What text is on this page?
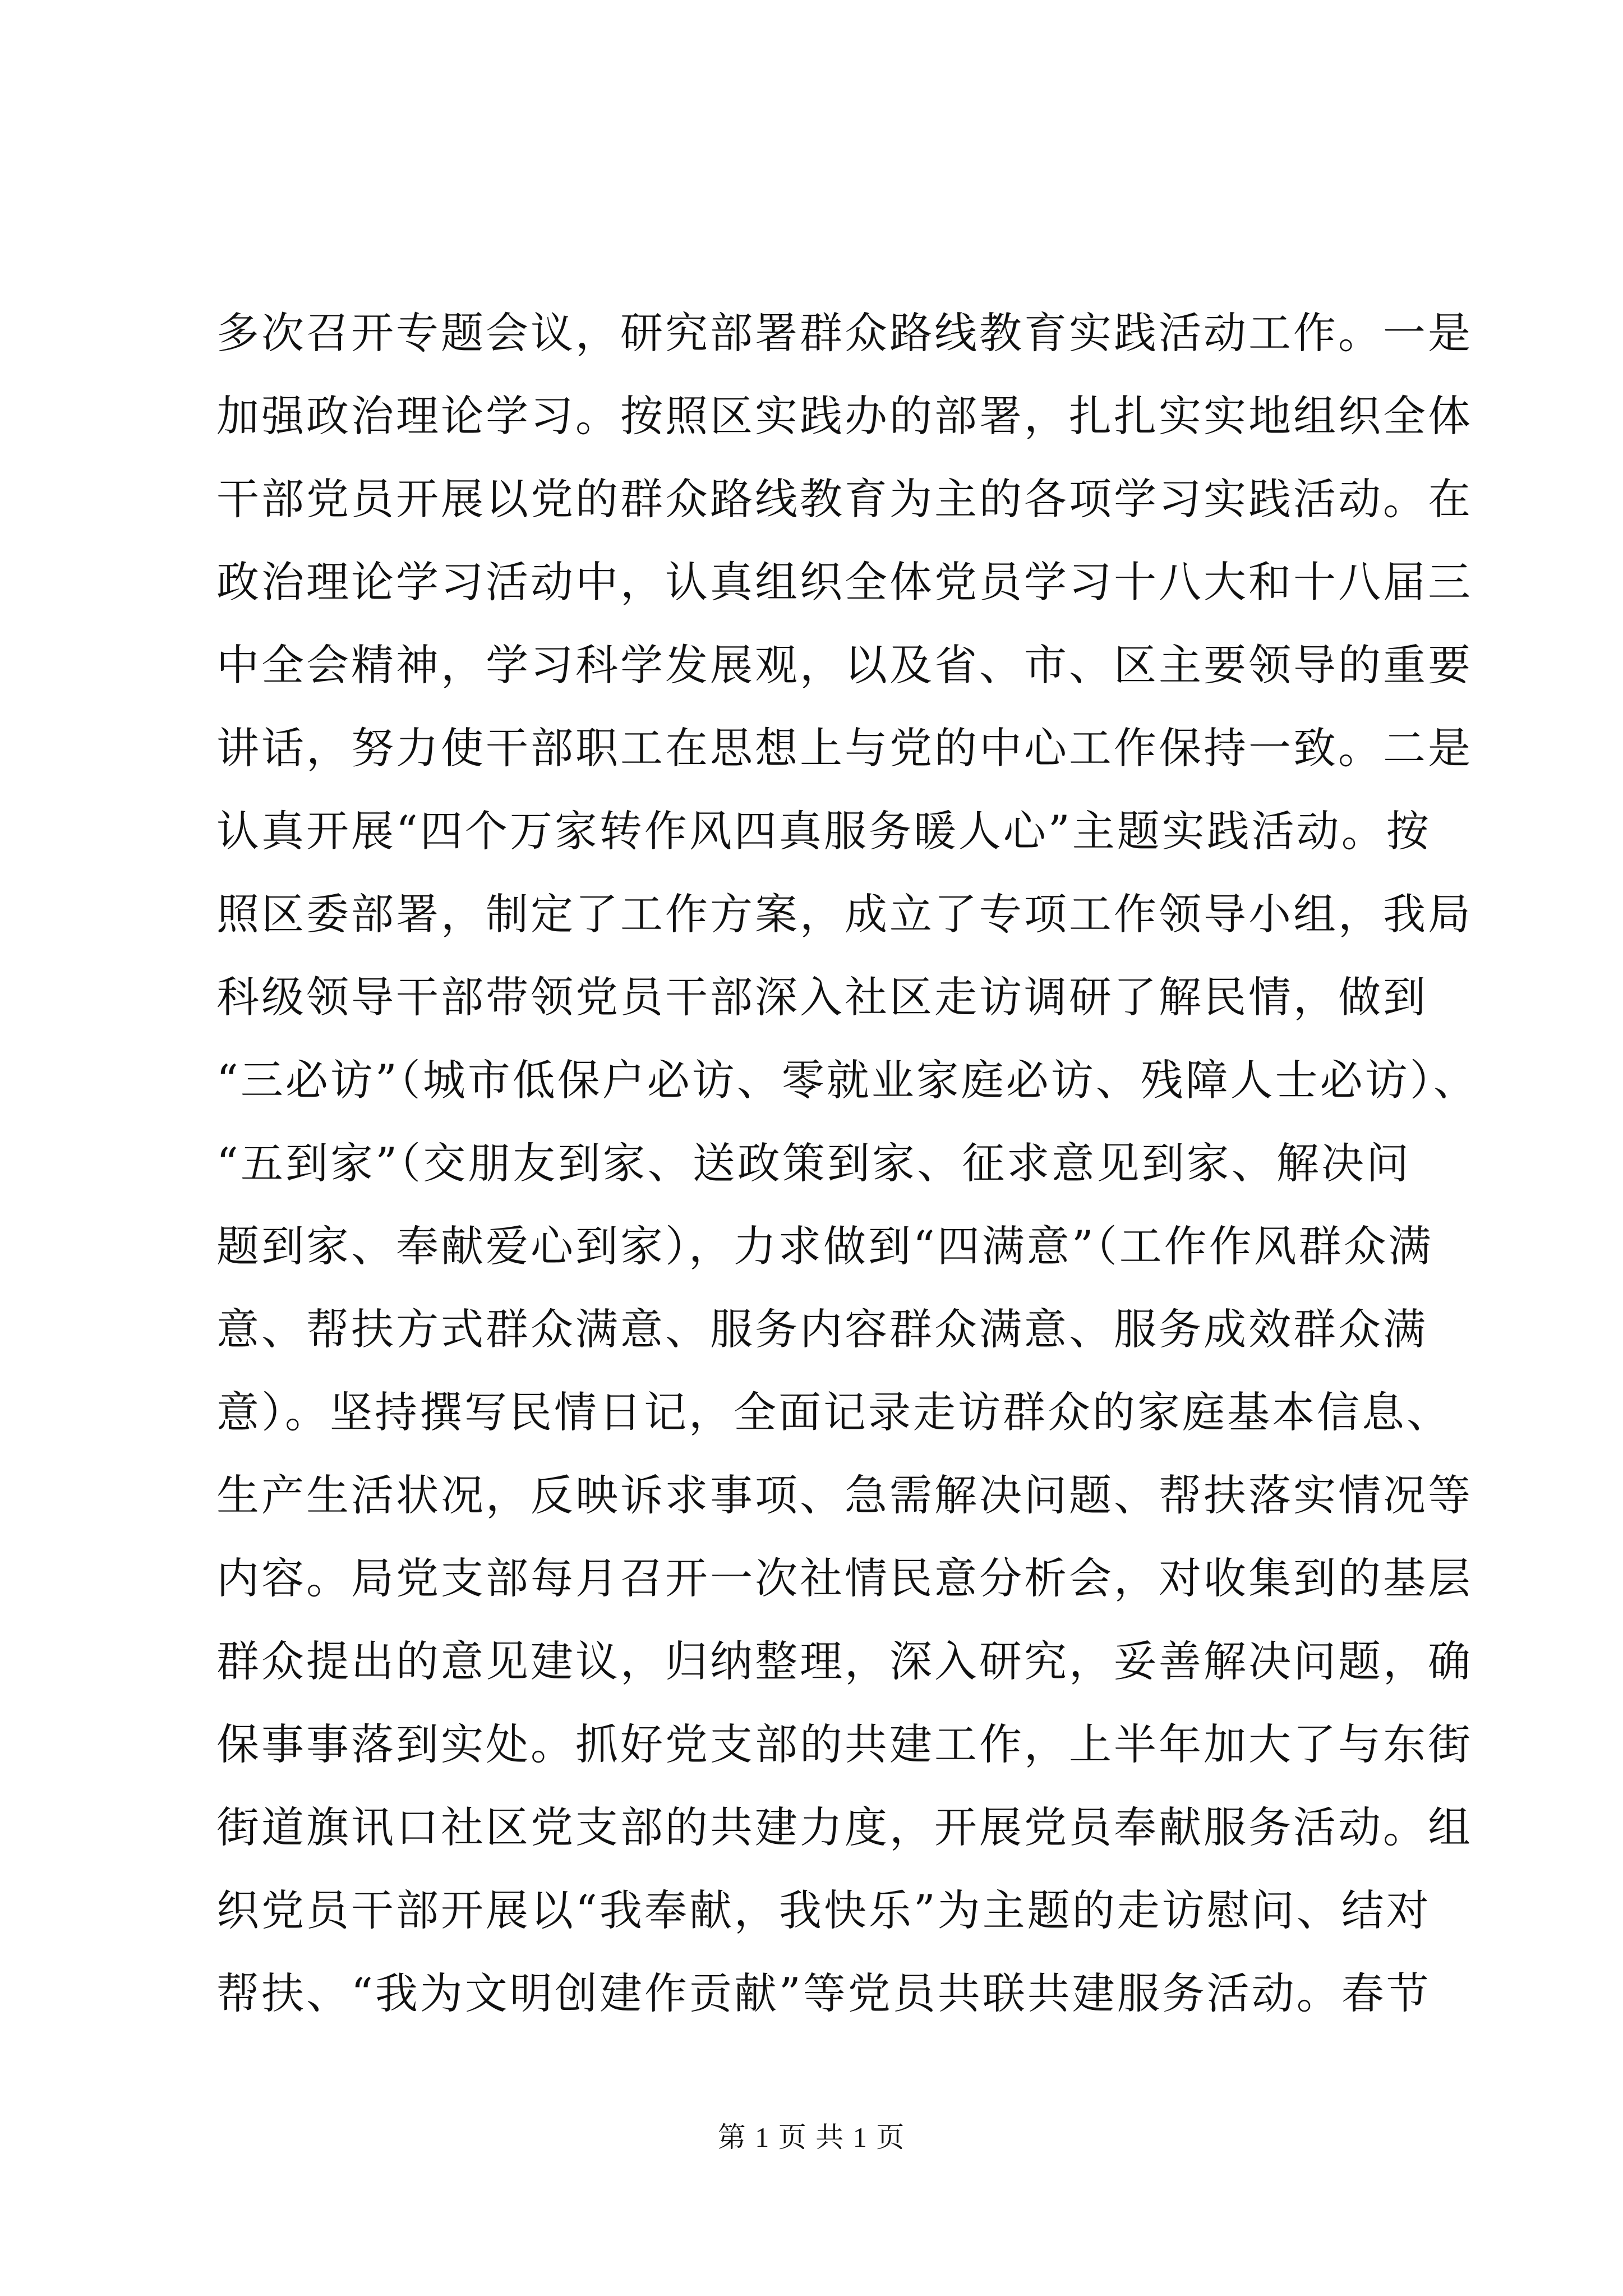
多次召开专题会议，研究部署群众路线教育实践活动工作。一是
加强政治理论学习。按照区实践办的部署，扎扎实实地组织全体
干部党员开展以党的群众路线教育为主的各项学习实践活动。在
政治理论学习活动中，认真组织全体党员学习十八大和十八届三
中全会精神，学习科学发展观，以及省、市、区主要领导的重要
讲话，努力使干部职工在思想上与党的中心工作保持一致。二是
认真开展“四个万家转作风四真服务暖人心”主题实践活动。按
照区委部署，制定了工作方案，成立了专项工作领导小组，我局
科级领导干部带领党员干部深入社区走访调研了解民情，做到
“三必访”（城市低保户必访、零就业家庭必访、残障人士必访）、
“五到家”（交朋友到家、送政策到家、征求意见到家、解决问
题到家、奉献爱心到家），力求做到“四满意”（工作作风群众满
意、帮扶方式群众满意、服务内容群众满意、服务成效群众满
意）。坚持撰写民情日记，全面记录走访群众的家庭基本信息、
生产生活状况，反映诉求事项、急需解决问题、帮扶落实情况等
内容。局党支部每月召开一次社情民意分析会，对收集到的基层
群众提出的意见建议，归纳整理，深入研究，妥善解决问题，确
保事事落到实处。抓好党支部的共建工作，上半年加大了与东街
街道旗讯口社区党支部的共建力度，开展党员奉献服务活动。组
织党员干部开展以“我奉献，我快乐”为主题的走访慰问、结对
帮扶、“我为文明创建作贡献”等党员共联共建服务活动。春节
第 1 页 共 1 页
